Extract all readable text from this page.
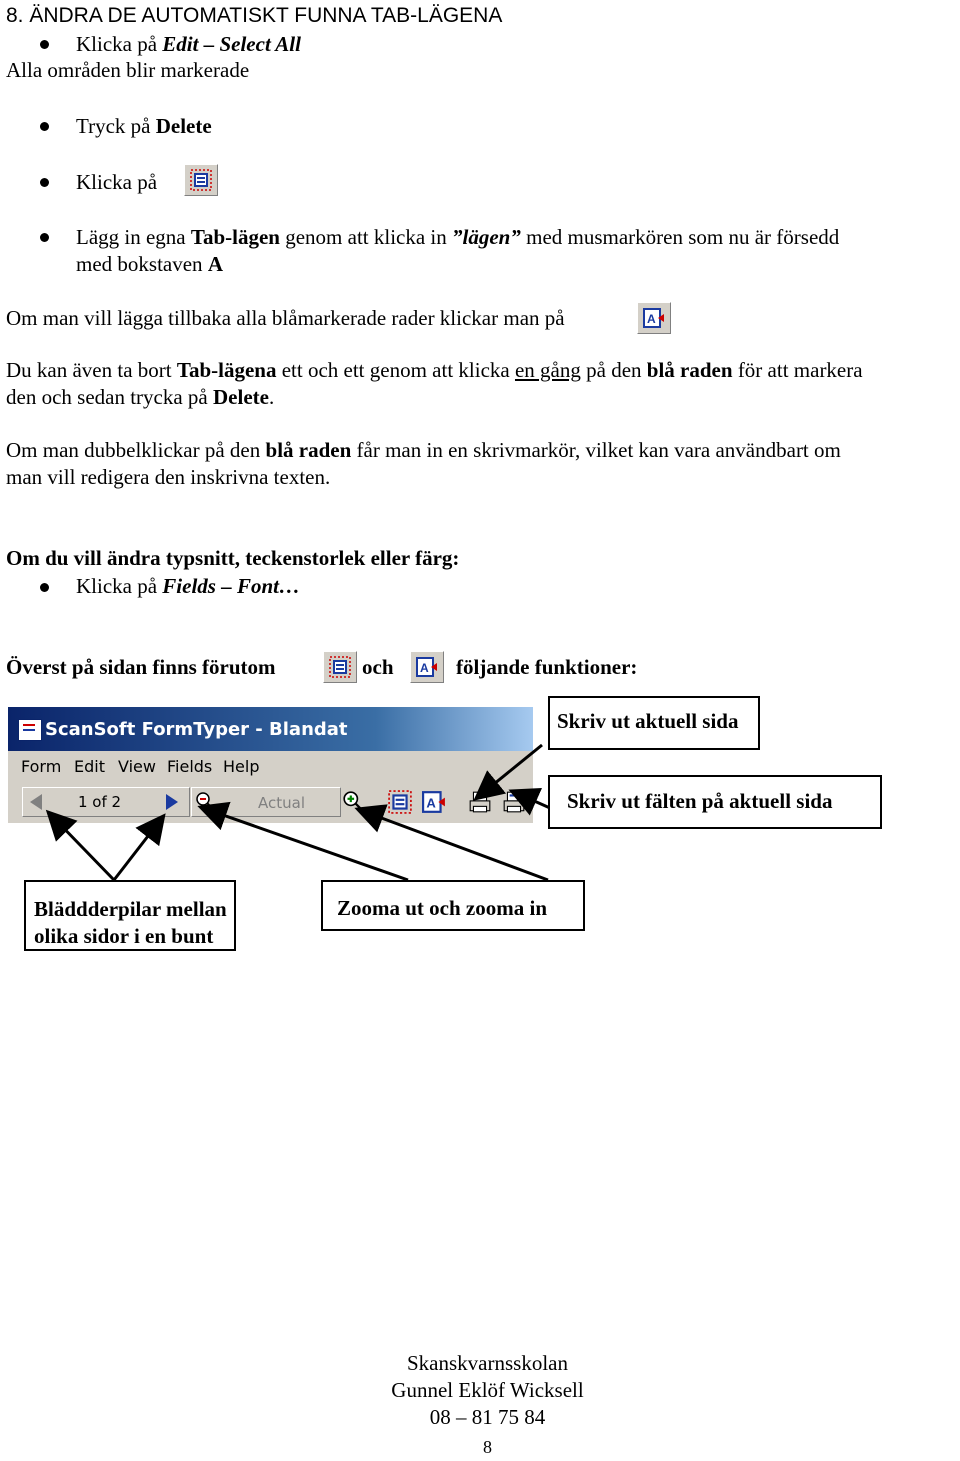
8. ÄNDRA DE AUTOMATISKT FUNNA TAB-LÄGENA
Klicka på Edit – Select All
Alla områden blir markerade
Tryck på Delete
Klicka på
Lägg in egna Tab-lägen genom att klicka in ”lägen” med musmarkören som nu är försedd
med bokstaven A
Om man vill lägga tillbaka alla blåmarkerade rader klickar man på	A
Du kan även ta bort Tab-lägena ett och ett genom att klicka en gång på den blå raden för att markera
den och sedan trycka på Delete.
Om man dubbelklickar på den blå raden får man in en skrivmarkör, vilket kan vara användbart om
man vill redigera den inskrivna texten.
Om du vill ändra typsnitt, teckenstorlek eller färg:
Klicka på Fields – Font…
Överst på sidan finns förutom	och A följande funktioner:
ScanSoft FormTyper - Blandat
Form Edit View Fields Help
1 of 2	Actual	A
Skriv ut aktuell sida
Skriv ut fälten på aktuell sida
Bläddderpilar mellan
olika sidor i en bunt
Zooma ut och zooma in
Skanskvarnsskolan
Gunnel Eklöf Wicksell
08 – 81 75 84
8
